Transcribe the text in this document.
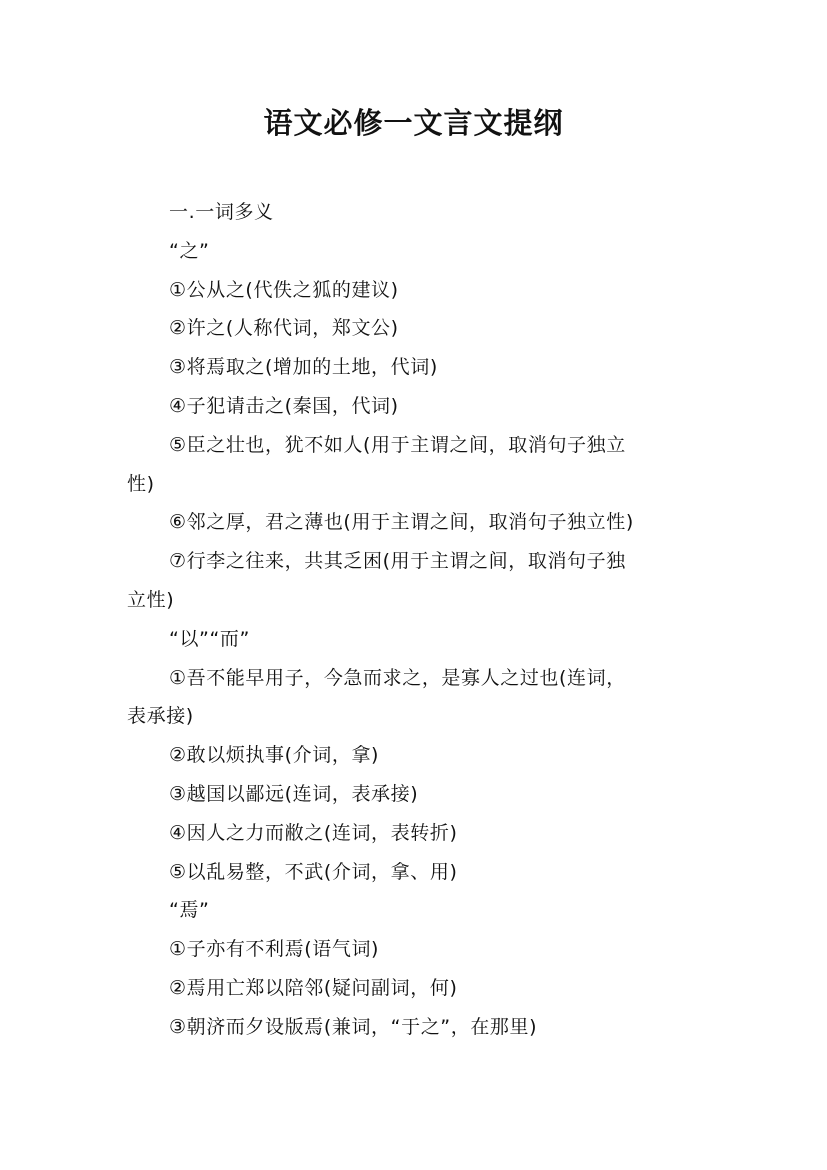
语文必修一文言文提纲
一.一词多义
“之”
①公从之(代佚之狐的建议)
②许之(人称代词，郑文公)
③将焉取之(增加的土地，代词)
④子犯请击之(秦国，代词)
⑤臣之壮也，犹不如人(用于主谓之间，取消句子独立
性)
⑥邻之厚，君之薄也(用于主谓之间，取消句子独立性)
⑦行李之往来，共其乏困(用于主谓之间，取消句子独
立性)
“以”“而”
①吾不能早用子，今急而求之，是寡人之过也(连词，
表承接)
②敢以烦执事(介词，拿)
③越国以鄙远(连词，表承接)
④因人之力而敝之(连词，表转折)
⑤以乱易整，不武(介词，拿、用)
“焉”
①子亦有不利焉(语气词)
②焉用亡郑以陪邻(疑问副词，何)
③朝济而夕设版焉(兼词，“于之”，在那里)
